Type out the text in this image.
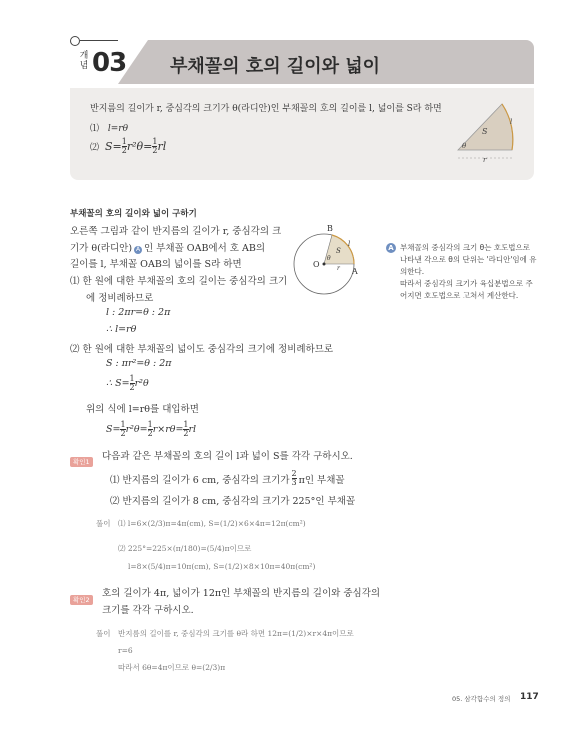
개념 03 부채꼴의 호의 길이와 넓이
반지름의 길이가 r, 중심각의 크기가 θ(라디안)인 부채꼴의 호의 길이를 l, 넓이를 S라 하면
⑴ l=rθ
⑵ $S= \frac{1}{2} r^2\theta= \frac{1}{2}$ rl
S
l
θ
r
부채꼴의 호의 길이와 넓이 구하기
오른쪽 그림과 같이 반지름의 길이가 r, 중심각의 크
기가 θ(라디안) A 인 부채꼴 OAB에서 호 AB의
길이를 l, 부채꼴 OAB의 넓이를 S라 하면
⑴ 한 원에 대한 부채꼴의 호의 길이는 중심각의 크기
에 정비례하므로
l : 2πr=θ : 2π
∴ l=rθ
⑵ 한 원에 대한 부채꼴의 넓이도 중심각의 크기에 정비례하므로
S : πr²=θ : 2π
∴ $S= \frac{1}{2} r^2\theta$
위의 식에 l=rθ를 대입하면
$S= \frac{1}{2} r^2\theta= \frac{1}{2} r\times r\theta= \frac{1}{2}$ rl
B
O
A
l
S
θ
r
A 부채꼴의 중심각의 크기 θ는 호도법으로
나타낸 각으로 θ의 단위는 '라디안'임에 유
의한다.
따라서 중심각의 크기가 육십분법으로 주
어지면 호도법으로 고쳐서 계산한다.
확인1	다음과 같은 부채꼴의 호의 길이 l과 넓이 S를 각각 구하시오.
⑴ 반지름의 길이가 6 cm, 중심각의 크기가
2
3 π인 부채꼴
⑵ 반지름의 길이가 8 cm, 중심각의 크기가 225°인 부채꼴
풀이 ⑴ l=6×(2/3)π=4π(cm), S=(1/2)×6×4π=12π(cm²)
⑵ 225°=225×(π/180)=(5/4)π이므로
l=8×(5/4)π=10π(cm), S=(1/2)×8×10π=40π(cm²)
확인2
호의 길이가 4π, 넓이가 12π인 부채꼴의 반지름의 길이와 중심각의
크기를 각각 구하시오.
풀이 반지름의 길이를 r, 중심각의 크기를 θ라 하면 12π=(1/2)×r×4π이므로
r=6
따라서 6θ=4π이므로 θ=(2/3)π
05. 삼각함수의 정의 117
